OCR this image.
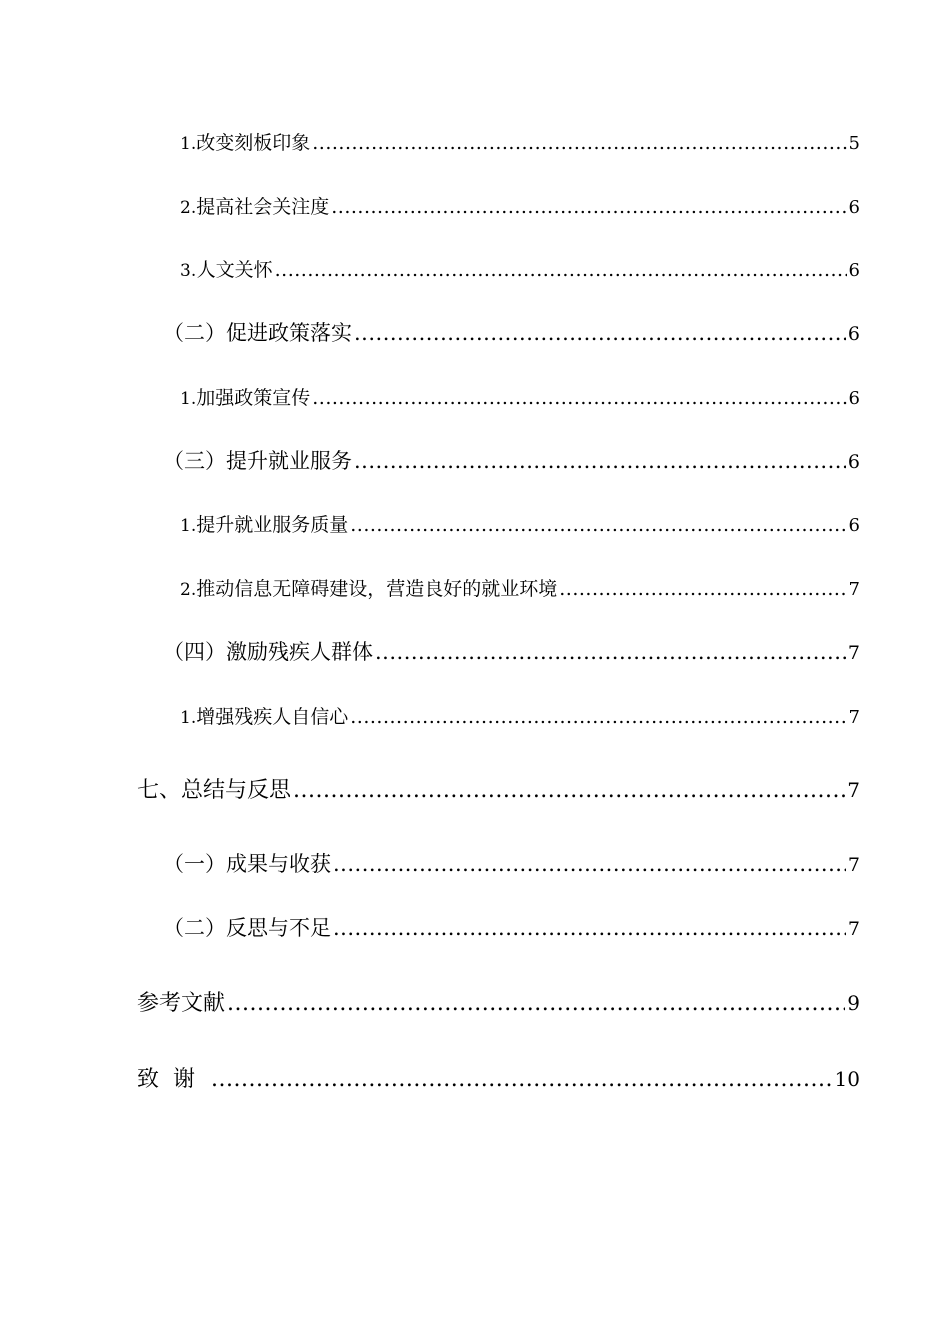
1. 改变刻板印象 .....	5
2. 提高社会关注度 .....	6
3. 人文关怀 .....	6
（二） 促进政策落实 .....	6
1. 加强政策宣传 .....	6
（三） 提升就业服务 .....	6
1. 提升就业服务质量 .....	6
2. 推动信息无障碍建设，营造良好的就业环境 .....	7
（四） 激励残疾人群体 .....	7
1. 增强残疾人自信心 .....	7
七、 总结与反思 .....	7
（一） 成果与收获 .....	7
（二） 反思与不足 .....	7
参考文献 .....	9
致谢 .....	10
